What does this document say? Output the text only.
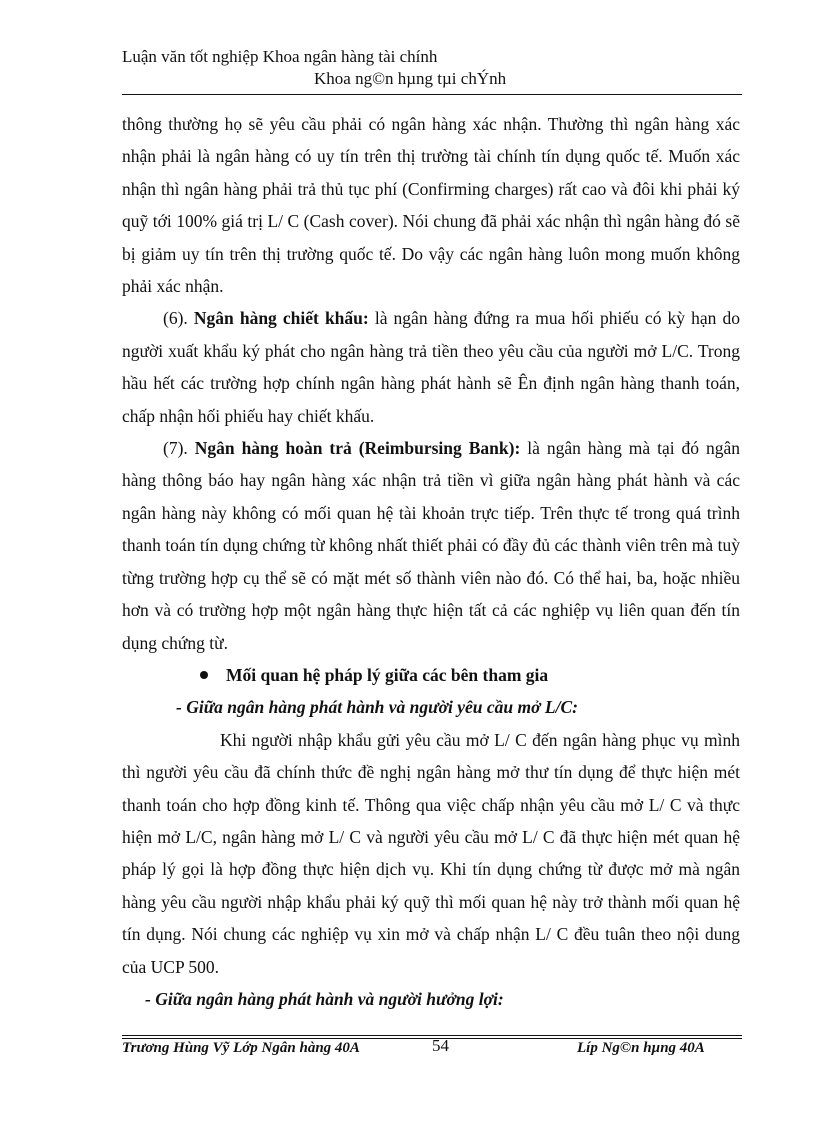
Luận văn tốt nghiệp Khoa ngân hàng tài chính
Khoa ng©n hµng tµi chÝnh

thông thường họ sẽ yêu cầu phải có ngân hàng xác nhận. Thường thì ngân hàng xác nhận phải là ngân hàng có uy tín trên thị trường tài chính tín dụng quốc tế. Muốn xác nhận thì ngân hàng phải trả thủ tục phí (Confirming charges) rất cao và đôi khi phải ký quỹ tới 100% giá trị L/ C (Cash cover). Nói chung đã phải xác nhận thì ngân hàng đó sẽ bị giảm uy tín trên thị trường quốc tế. Do vậy các ngân hàng luôn mong muốn không phải xác nhận.

(6). Ngân hàng chiết khấu: là ngân hàng đứng ra mua hối phiếu có kỳ hạn do người xuất khẩu ký phát cho ngân hàng trả tiền theo yêu cầu của người mở L/C. Trong hầu hết các trường hợp chính ngân hàng phát hành sẽ Ên định ngân hàng thanh toán, chấp nhận hối phiếu hay chiết khấu.

(7). Ngân hàng hoàn trả (Reimbursing Bank): là ngân hàng mà tại đó ngân hàng thông báo hay ngân hàng xác nhận trả tiền vì giữa ngân hàng phát hành và các ngân hàng này không có mối quan hệ tài khoản trực tiếp. Trên thực tế trong quá trình thanh toán tín dụng chứng từ không nhất thiết phải có đầy đủ các thành viên trên mà tuỳ từng trường hợp cụ thể sẽ có mặt mét số thành viên nào đó. Có thể hai, ba, hoặc nhiều hơn và có trường hợp một ngân hàng thực hiện tất cả các nghiệp vụ liên quan đến tín dụng chứng từ.

Mối quan hệ pháp lý giữa các bên tham gia

- Giữa ngân hàng phát hành và người yêu cầu mở L/C:

Khi người nhập khẩu gửi yêu cầu mở L/ C đến ngân hàng phục vụ mình thì người yêu cầu đã chính thức đề nghị ngân hàng mở thư tín dụng để thực hiện mét thanh toán cho hợp đồng kinh tế. Thông qua việc chấp nhận yêu cầu mở L/ C và thực hiện mở L/C, ngân hàng mở L/ C và người yêu cầu mở L/ C đã thực hiện mét quan hệ pháp lý gọi là hợp đồng thực hiện dịch vụ. Khi tín dụng chứng từ được mở mà ngân hàng yêu cầu người nhập khẩu phải ký quỹ thì mối quan hệ này trở thành mối quan hệ tín dụng. Nói chung các nghiệp vụ xin mở và chấp nhận L/ C đều tuân theo nội dung của UCP 500.

- Giữa ngân hàng phát hành và người hưởng lợi:

Trương Hùng Vỹ Lớp Ngân hàng 40A	54	Líp Ng©n hµng 40A
